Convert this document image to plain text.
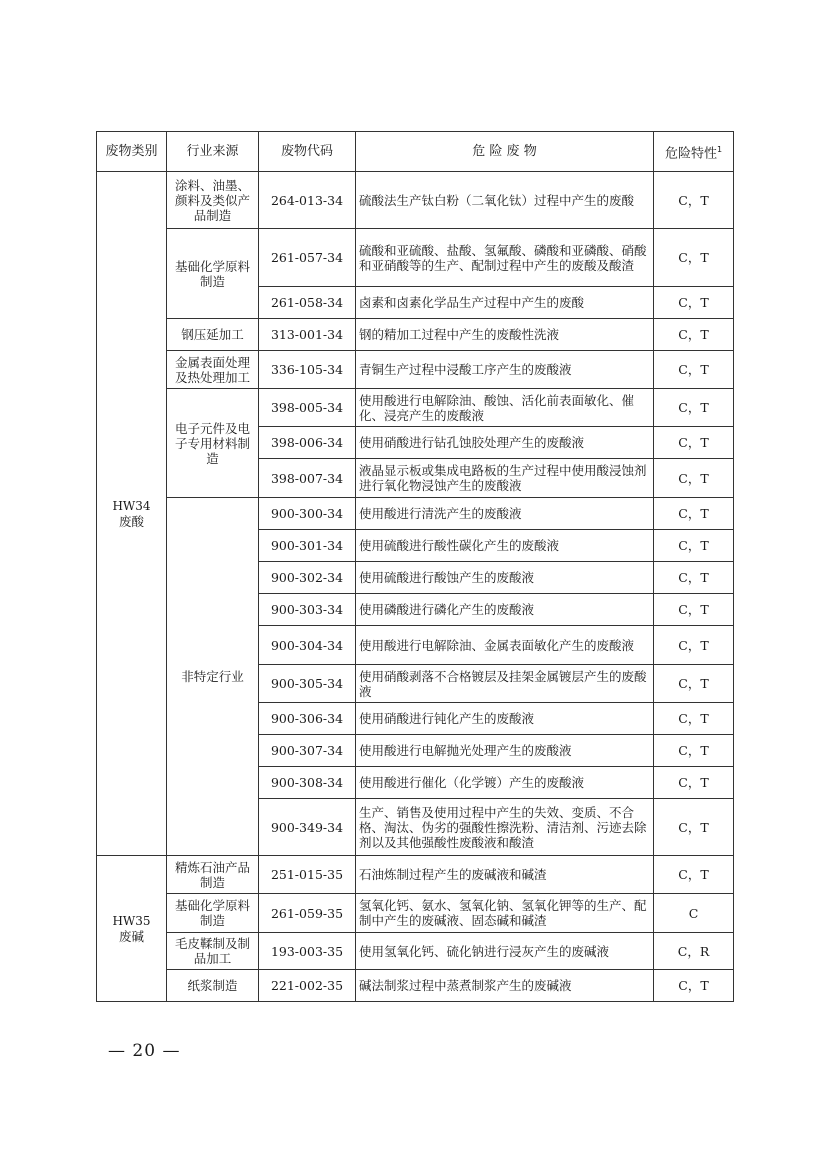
废物类别	行业来源	废物代码	危 险 废 物	危险特性$^1$

HW34
废酸	涂料、油墨、颜料及类似产品制造	264-013-34	硫酸法生产钛白粉（二氧化钛）过程中产生的废酸	C，T
	基础化学原料制造	261-057-34	硫酸和亚硫酸、盐酸、氢氟酸、磷酸和亚磷酸、硝酸和亚硝酸等的生产、配制过程中产生的废酸及酸渣	C，T
		261-058-34	卤素和卤素化学品生产过程中产生的废酸	C，T
	钢压延加工	313-001-34	钢的精加工过程中产生的废酸性洗液	C，T
	金属表面处理及热处理加工	336-105-34	青铜生产过程中浸酸工序产生的废酸液	C，T
	电子元件及电子专用材料制造	398-005-34	使用酸进行电解除油、酸蚀、活化前表面敏化、催化、浸亮产生的废酸液	C，T
		398-006-34	使用硝酸进行钻孔蚀胶处理产生的废酸液	C，T
		398-007-34	液晶显示板或集成电路板的生产过程中使用酸浸蚀剂进行氧化物浸蚀产生的废酸液	C，T
	非特定行业	900-300-34	使用酸进行清洗产生的废酸液	C，T
		900-301-34	使用硫酸进行酸性碳化产生的废酸液	C，T
		900-302-34	使用硫酸进行酸蚀产生的废酸液	C，T
		900-303-34	使用磷酸进行磷化产生的废酸液	C，T
		900-304-34	使用酸进行电解除油、金属表面敏化产生的废酸液	C，T
		900-305-34	使用硝酸剥落不合格镀层及挂架金属镀层产生的废酸液	C，T
		900-306-34	使用硝酸进行钝化产生的废酸液	C，T
		900-307-34	使用酸进行电解抛光处理产生的废酸液	C，T
		900-308-34	使用酸进行催化（化学镀）产生的废酸液	C，T
		900-349-34	生产、销售及使用过程中产生的失效、变质、不合格、淘汰、伪劣的强酸性擦洗粉、清洁剂、污迹去除剂以及其他强酸性废酸液和酸渣	C，T

HW35
废碱	精炼石油产品制造	251-015-35	石油炼制过程产生的废碱液和碱渣	C，T
	基础化学原料制造	261-059-35	氢氧化钙、氨水、氢氧化钠、氢氧化钾等的生产、配制中产生的废碱液、固态碱和碱渣	C
	毛皮鞣制及制品加工	193-003-35	使用氢氧化钙、硫化钠进行浸灰产生的废碱液	C，R
	纸浆制造	221-002-35	碱法制浆过程中蒸煮制浆产生的废碱液	C，T
— 20 —
